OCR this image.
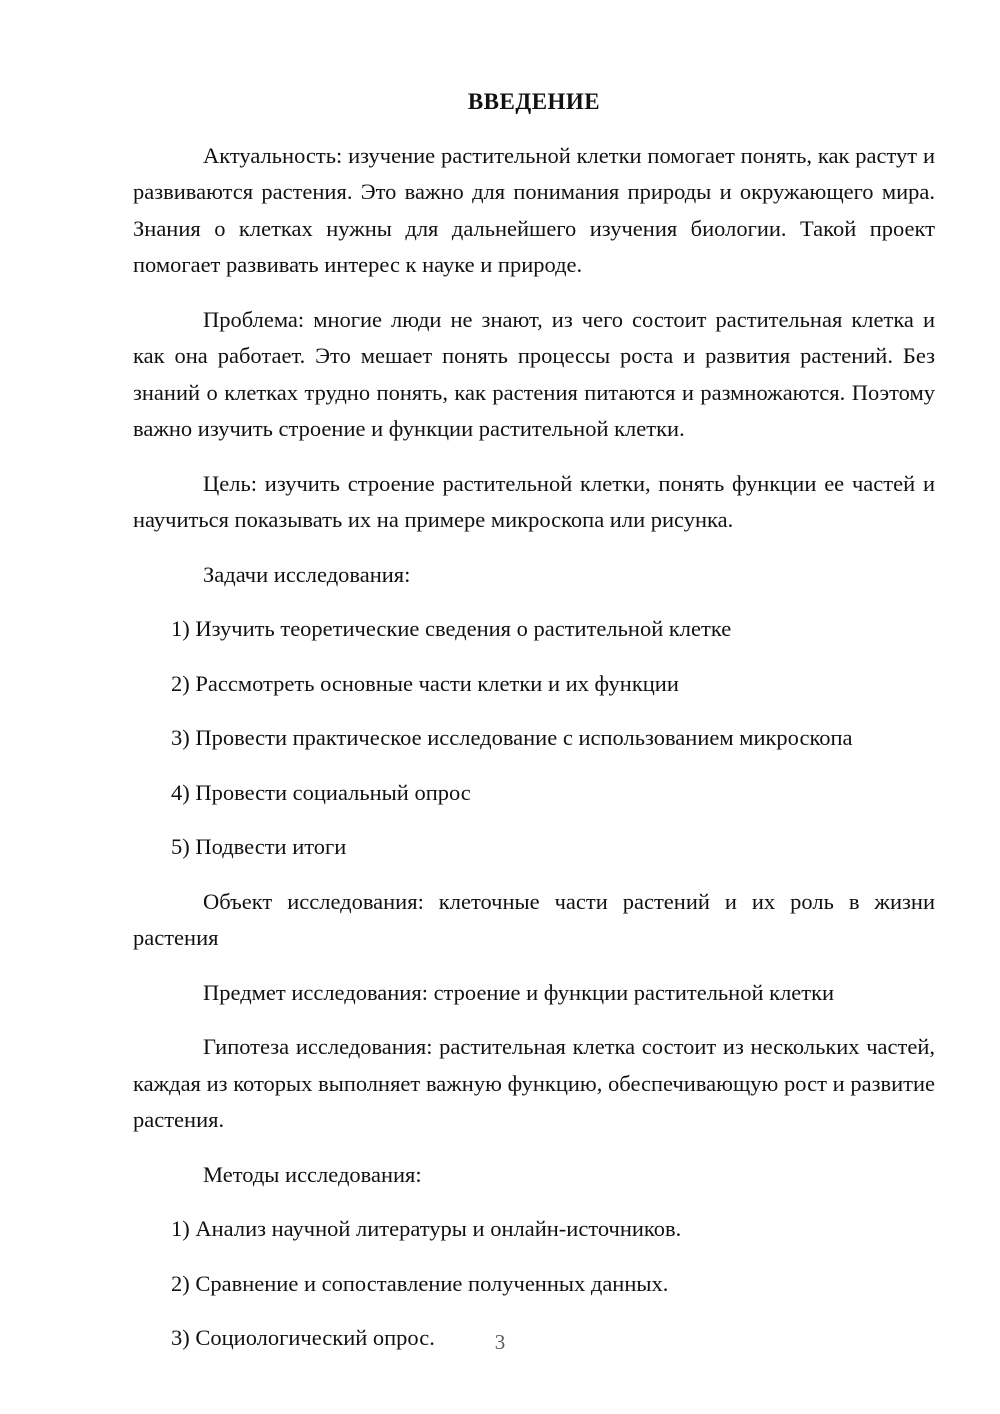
ВВЕДЕНИЕ

Актуальность: изучение растительной клетки помогает понять, как растут и развиваются растения. Это важно для понимания природы и окружающего мира. Знания о клетках нужны для дальнейшего изучения биологии. Такой проект помогает развивать интерес к науке и природе.

Проблема: многие люди не знают, из чего состоит растительная клетка и как она работает. Это мешает понять процессы роста и развития растений. Без знаний о клетках трудно понять, как растения питаются и размножаются. Поэтому важно изучить строение и функции растительной клетки.

Цель: изучить строение растительной клетки, понять функции ее частей и научиться показывать их на примере микроскопа или рисунка.

Задачи исследования:

1) Изучить теоретические сведения о растительной клетке

2) Рассмотреть основные части клетки и их функции

3) Провести практическое исследование с использованием микроскопа

4) Провести социальный опрос

5) Подвести итоги

Объект исследования: клеточные части растений и их роль в жизни растения

Предмет исследования: строение и функции растительной клетки

Гипотеза исследования: растительная клетка состоит из нескольких частей, каждая из которых выполняет важную функцию, обеспечивающую рост и развитие растения.

Методы исследования:

1) Анализ научной литературы и онлайн-источников.

2) Сравнение и сопоставление полученных данных.

3) Социологический опрос.	3
